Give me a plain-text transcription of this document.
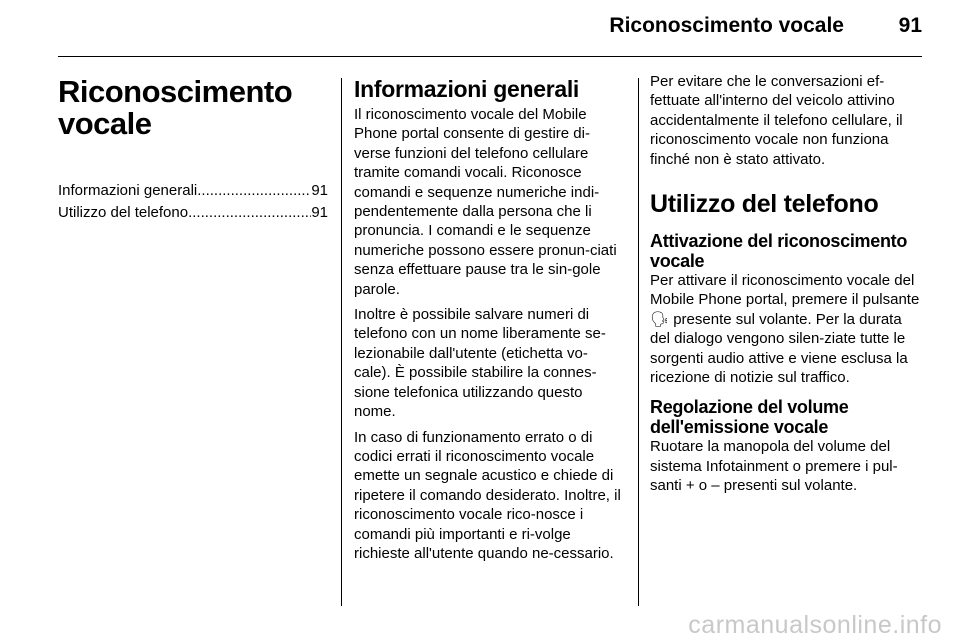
Riconoscimento vocale	91
Riconoscimento vocale
Informazioni generali .....	91
Utilizzo del telefono .....	91
Informazioni generali

Il riconoscimento vocale del Mobile Phone portal consente di gestire di-verse funzioni del telefono cellulare tramite comandi vocali. Riconosce comandi e sequenze numeriche indi-pendentemente dalla persona che li pronuncia. I comandi e le sequenze numeriche possono essere pronun-ciati senza effettuare pause tra le sin-gole parole.

Inoltre è possibile salvare numeri di telefono con un nome liberamente se-lezionabile dall'utente (etichetta vo-cale). È possibile stabilire la connes-sione telefonica utilizzando questo nome.

In caso di funzionamento errato o di codici errati il riconoscimento vocale emette un segnale acustico e chiede di ripetere il comando desiderato. Inoltre, il riconoscimento vocale rico-nosce i comandi più importanti e ri-volge richieste all'utente quando ne-cessario.

Per evitare che le conversazioni ef-fettuate all'interno del veicolo attivino accidentalmente il telefono cellulare, il riconoscimento vocale non funziona finché non è stato attivato.

Utilizzo del telefono
Attivazione del riconoscimento vocale

Per attivare il riconoscimento vocale del Mobile Phone portal, premere il pulsante 🗣 presente sul volante. Per la durata del dialogo vengono silen-ziate tutte le sorgenti audio attive e viene esclusa la ricezione di notizie sul traffico.

Regolazione del volume dell'emissione vocale

Ruotare la manopola del volume del sistema Infotainment o premere i pul-santi + o – presenti sul volante.

carmanualsonline.info
